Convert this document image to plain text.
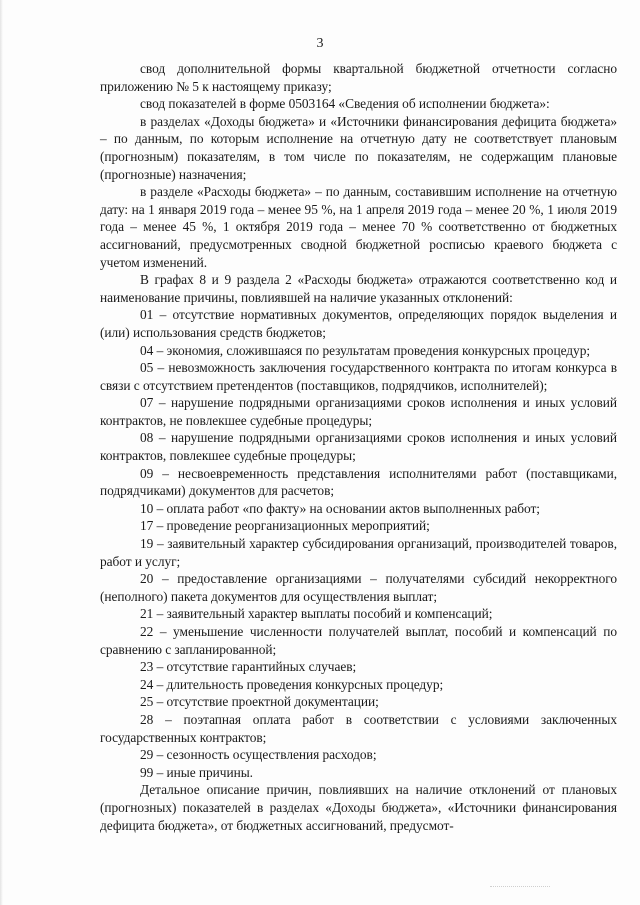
3

свод дополнительной формы квартальной бюджетной отчетности согласно приложению № 5 к настоящему приказу;

свод показателей в форме 0503164 «Сведения об исполнении бюджета»:

в разделах «Доходы бюджета» и «Источники финансирования дефицита бюджета» – по данным, по которым исполнение на отчетную дату не соответствует плановым (прогнозным) показателям, в том числе по показателям, не содержащим плановые (прогнозные) назначения;

в разделе «Расходы бюджета» – по данным, составившим исполнение на отчетную дату: на 1 января 2019 года – менее 95 %, на 1 апреля 2019 года – менее 20 %, 1 июля 2019 года – менее 45 %, 1 октября 2019 года – менее 70 % соответственно от бюджетных ассигнований, предусмотренных сводной бюджетной росписью краевого бюджета с учетом изменений.

В графах 8 и 9 раздела 2 «Расходы бюджета» отражаются соответственно код и наименование причины, повлиявшей на наличие указанных отклонений:

01 – отсутствие нормативных документов, определяющих порядок выделения и (или) использования средств бюджетов;

04 – экономия, сложившаяся по результатам проведения конкурсных процедур;

05 – невозможность заключения государственного контракта по итогам конкурса в связи с отсутствием претендентов (поставщиков, подрядчиков, исполнителей);

07 – нарушение подрядными организациями сроков исполнения и иных условий контрактов, не повлекшее судебные процедуры;

08 – нарушение подрядными организациями сроков исполнения и иных условий контрактов, повлекшее судебные процедуры;

09 – несвоевременность представления исполнителями работ (поставщиками, подрядчиками) документов для расчетов;

10 – оплата работ «по факту» на основании актов выполненных работ;

17 – проведение реорганизационных мероприятий;

19 – заявительный характер субсидирования организаций, производителей товаров, работ и услуг;

20 – предоставление организациями – получателями субсидий некорректного (неполного) пакета документов для осуществления выплат;

21 – заявительный характер выплаты пособий и компенсаций;

22 – уменьшение численности получателей выплат, пособий и компенсаций по сравнению с запланированной;

23 – отсутствие гарантийных случаев;

24 – длительность проведения конкурсных процедур;

25 – отсутствие проектной документации;

28 – поэтапная оплата работ в соответствии с условиями заключенных государственных контрактов;

29 – сезонность осуществления расходов;

99 – иные причины.

Детальное описание причин, повлиявших на наличие отклонений от плановых (прогнозных) показателей в разделах «Доходы бюджета», «Источники финансирования дефицита бюджета», от бюджетных ассигнований, предусмот-
